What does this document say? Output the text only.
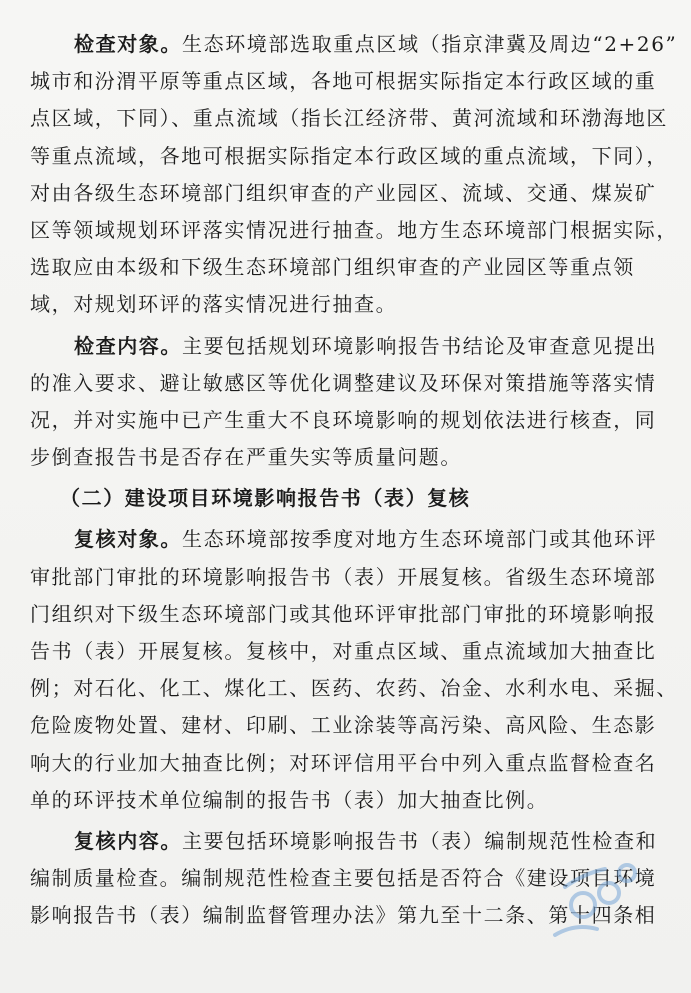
检查对象。生态环境部选取重点区域（指京津冀及周边“2+26”
城市和汾渭平原等重点区域，各地可根据实际指定本行政区域的重
点区域，下同）、重点流域（指长江经济带、黄河流域和环渤海地区
等重点流域，各地可根据实际指定本行政区域的重点流域，下同），
对由各级生态环境部门组织审查的产业园区、流域、交通、煤炭矿
区等领域规划环评落实情况进行抽查。地方生态环境部门根据实际，
选取应由本级和下级生态环境部门组织审查的产业园区等重点领
域，对规划环评的落实情况进行抽查。
检查内容。主要包括规划环境影响报告书结论及审查意见提出
的准入要求、避让敏感区等优化调整建议及环保对策措施等落实情
况，并对实施中已产生重大不良环境影响的规划依法进行核查，同
步倒查报告书是否存在严重失实等质量问题。
（二）建设项目环境影响报告书（表）复核
复核对象。生态环境部按季度对地方生态环境部门或其他环评
审批部门审批的环境影响报告书（表）开展复核。省级生态环境部
门组织对下级生态环境部门或其他环评审批部门审批的环境影响报
告书（表）开展复核。复核中，对重点区域、重点流域加大抽查比
例；对石化、化工、煤化工、医药、农药、冶金、水利水电、采掘、
危险废物处置、建材、印刷、工业涂装等高污染、高风险、生态影
响大的行业加大抽查比例；对环评信用平台中列入重点监督检查名
单的环评技术单位编制的报告书（表）加大抽查比例。
复核内容。主要包括环境影响报告书（表）编制规范性检查和
编制质量检查。编制规范性检查主要包括是否符合《建设项目环境
影响报告书（表）编制监督管理办法》第九至十二条、第十四条相
